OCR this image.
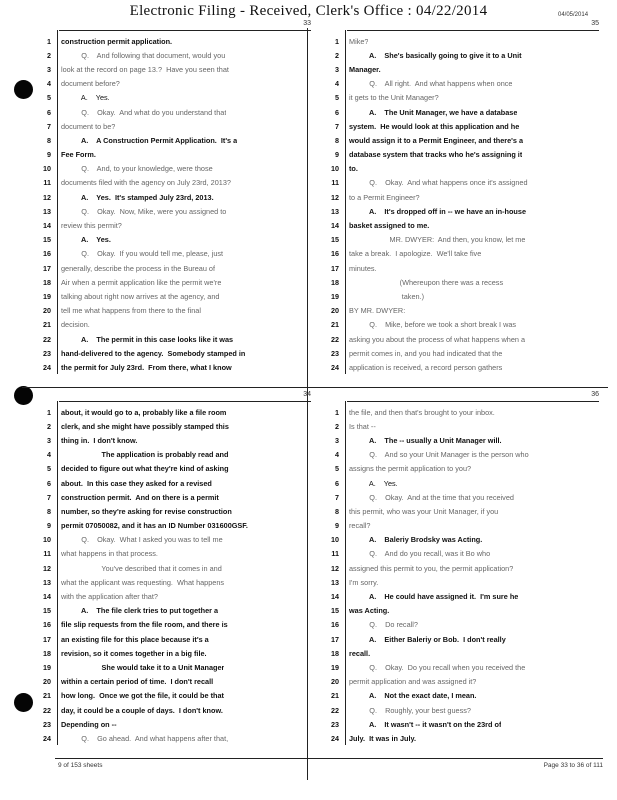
Electronic Filing - Received, Clerk's Office : 04/22/2014	04/05/2014
33
1 construction permit application.
2 Q.    And following that document, would you
3 look at the record on page 13.?  Have you seen that
4 document before?
5 A.    Yes.
6 Q.    Okay.  And what do you understand that
7 document to be?
8 A.    A Construction Permit Application.  It's a
9 Fee Form.
10 Q.    And, to your knowledge, were those
11 documents filed with the agency on July 23rd, 2013?
12 A.    Yes.  It's stamped July 23rd, 2013.
13 Q.    Okay.  Now, Mike, were you assigned to
14 review this permit?
15 A.    Yes.
16 Q.    Okay.  If you would tell me, please, just
17 generally, describe the process in the Bureau of
18 Air when a permit application like the permit we're
19 talking about right now arrives at the agency, and
20 tell me what happens from there to the final
21 decision.
22 A.    The permit in this case looks like it was
23 hand-delivered to the agency.  Somebody stamped in
24 the permit for July 23rd.  From there, what I know
35
1 Mike?
2 A.    She's basically going to give it to a Unit
3 Manager.
4 Q.    All right.  And what happens when once
5 it gets to the Unit Manager?
6 A.    The Unit Manager, we have a database
7 system.  He would look at this application and he
8 would assign it to a Permit Engineer, and there's a
9 database system that tracks who he's assigning it
10 to.
11 Q.    Okay.  And what happens once it's assigned
12 to a Permit Engineer?
13 A.    It's dropped off in -- we have an in-house
14 basket assigned to me.
15 MR. DWYER:  And then, you know, let me
16 take a break.  I apologize.  We'll take five
17 minutes.
18 (Whereupon there was a recess
19 taken.)
20 BY MR. DWYER:
21 Q.    Mike, before we took a short break I was
22 asking you about the process of what happens when a
23 permit comes in, and you had indicated that the
24 application is received, a record person gathers
34
1 about, it would go to a, probably like a file room
2 clerk, and she might have possibly stamped this
3 thing in.  I don't know.
4 The application is probably read and
5 decided to figure out what they're kind of asking
6 about.  In this case they asked for a revised
7 construction permit.  And on there is a permit
8 number, so they're asking for revise construction
9 permit 07050082, and it has an ID Number 031600GSF.
10 Q.    Okay.  What I asked you was to tell me
11 what happens in that process.
12 You've described that it comes in and
13 what the applicant was requesting.  What happens
14 with the application after that?
15 A.    The file clerk tries to put together a
16 file slip requests from the file room, and there is
17 an existing file for this place because it's a
18 revision, so it comes together in a big file.
19 She would take it to a Unit Manager
20 within a certain period of time.  I don't recall
21 how long.  Once we got the file, it could be that
22 day, it could be a couple of days.  I don't know.
23 Depending on --
24 Q.    Go ahead.  And what happens after that,
36
1 the file, and then that's brought to your inbox.
2 Is that --
3 A.    The -- usually a Unit Manager will.
4 Q.    And so your Unit Manager is the person who
5 assigns the permit application to you?
6 A.    Yes.
7 Q.    Okay.  And at the time that you received
8 this permit, who was your Unit Manager, if you
9 recall?
10 A.    Baleriy Brodsky was Acting.
11 Q.    And do you recall, was it Bo who
12 assigned this permit to you, the permit application?
13 I'm sorry.
14 A.    He could have assigned it.  I'm sure he
15 was Acting.
16 Q.    Do recall?
17 A.    Either Baleriy or Bob.  I don't really
18 recall.
19 Q.    Okay.  Do you recall when you received the
20 permit application and was assigned it?
21 A.    Not the exact date, I mean.
22 Q.    Roughly, your best guess?
23 A.    It wasn't -- it wasn't on the 23rd of
24 July.  It was in July.
9 of 153 sheets	Page 33 to 36 of 111
